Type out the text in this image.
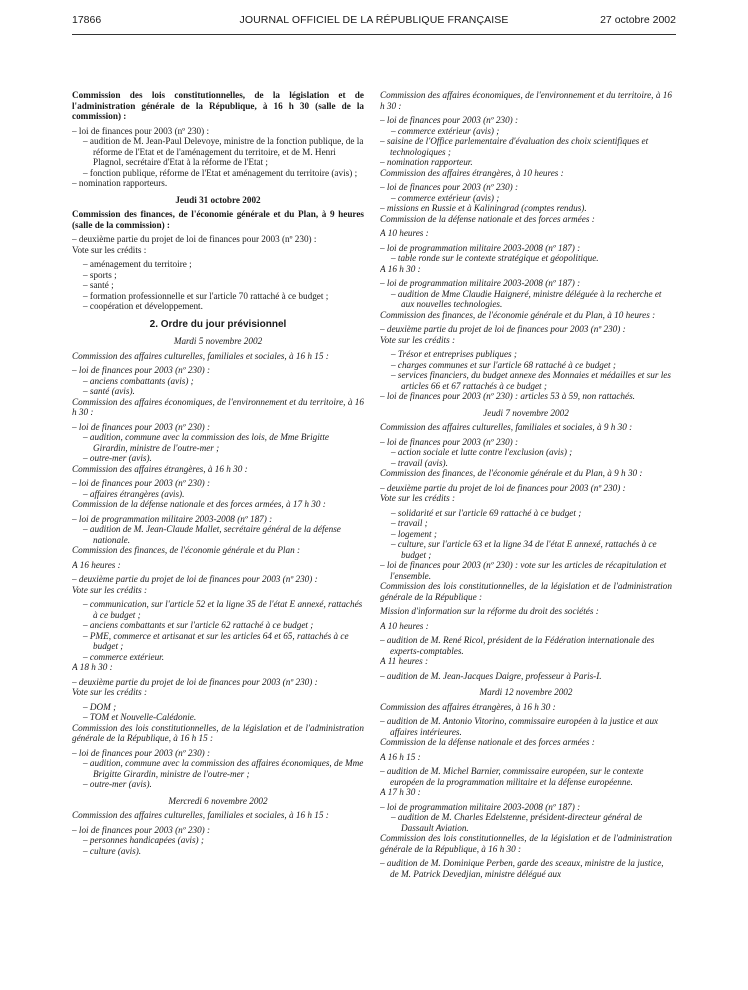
17866	JOURNAL OFFICIEL DE LA RÉPUBLIQUE FRANÇAISE	27 octobre 2002
Commission des lois constitutionnelles, de la législation et de l'administration générale de la République, à 16 h 30 (salle de la commission) :
– loi de finances pour 2003 (nº 230) :
– audition de M. Jean-Paul Delevoye, ministre de la fonction publique, de la réforme de l'Etat et de l'aménagement du territoire, et de M. Henri Plagnol, secrétaire d'Etat à la réforme de l'Etat ;
– fonction publique, réforme de l'Etat et aménagement du territoire (avis) ;
– nomination rapporteurs.
Jeudi 31 octobre 2002
Commission des finances, de l'économie générale et du Plan, à 9 heures (salle de la commission) :
– deuxième partie du projet de loi de finances pour 2003 (nº 230) :
Vote sur les crédits :
– aménagement du territoire ;
– sports ;
– santé ;
– formation professionnelle et sur l'article 70 rattaché à ce budget ;
– coopération et développement.
2. Ordre du jour prévisionnel
Mardi 5 novembre 2002
Commission des affaires culturelles, familiales et sociales, à 16 h 15 :
– loi de finances pour 2003 (nº 230) :
– anciens combattants (avis) ;
– santé (avis).
Commission des affaires économiques, de l'environnement et du territoire, à 16 h 30 :
– loi de finances pour 2003 (nº 230) :
– audition, commune avec la commission des lois, de Mme Brigitte Girardin, ministre de l'outre-mer ;
– outre-mer (avis).
Commission des affaires étrangères, à 16 h 30 :
– loi de finances pour 2003 (nº 230) :
– affaires étrangères (avis).
Commission de la défense nationale et des forces armées, à 17 h 30 :
– loi de programmation militaire 2003-2008 (nº 187) :
– audition de M. Jean-Claude Mallet, secrétaire général de la défense nationale.
Commission des finances, de l'économie générale et du Plan :
A 16 heures :
– deuxième partie du projet de loi de finances pour 2003 (nº 230) :
Vote sur les crédits :
– communication, sur l'article 52 et la ligne 35 de l'état E annexé, rattachés à ce budget ;
– anciens combattants et sur l'article 62 rattaché à ce budget ;
– PME, commerce et artisanat et sur les articles 64 et 65, rattachés à ce budget ;
– commerce extérieur.
A 18 h 30 :
– deuxième partie du projet de loi de finances pour 2003 (nº 230) :
Vote sur les crédits :
– DOM ;
– TOM et Nouvelle-Calédonie.
Commission des lois constitutionnelles, de la législation et de l'administration générale de la République, à 16 h 15 :
– loi de finances pour 2003 (nº 230) :
– audition, commune avec la commission des affaires économiques, de Mme Brigitte Girardin, ministre de l'outre-mer ;
– outre-mer (avis).
Mercredi 6 novembre 2002
Commission des affaires culturelles, familiales et sociales, à 16 h 15 :
– loi de finances pour 2003 (nº 230) :
– personnes handicapées (avis) ;
– culture (avis).
Commission des affaires économiques, de l'environnement et du territoire, à 16 h 30 :
– loi de finances pour 2003 (nº 230) :
– commerce extérieur (avis) ;
– saisine de l'Office parlementaire d'évaluation des choix scientifiques et technologiques ;
– nomination rapporteur.
Commission des affaires étrangères, à 10 heures :
– loi de finances pour 2003 (nº 230) :
– commerce extérieur (avis) ;
– missions en Russie et à Kaliningrad (comptes rendus).
Commission de la défense nationale et des forces armées :
A 10 heures :
– loi de programmation militaire 2003-2008 (nº 187) :
– table ronde sur le contexte stratégique et géopolitique.
A 16 h 30 :
– loi de programmation militaire 2003-2008 (nº 187) :
– audition de Mme Claudie Haigneré, ministre déléguée à la recherche et aux nouvelles technologies.
Commission des finances, de l'économie générale et du Plan, à 10 heures :
– deuxième partie du projet de loi de finances pour 2003 (nº 230) :
Vote sur les crédits :
– Trésor et entreprises publiques ;
– charges communes et sur l'article 68 rattaché à ce budget ;
– services financiers, du budget annexe des Monnaies et médailles et sur les articles 66 et 67 rattachés à ce budget ;
– loi de finances pour 2003 (nº 230) : articles 53 à 59, non rattachés.
Jeudi 7 novembre 2002
Commission des affaires culturelles, familiales et sociales, à 9 h 30 :
– loi de finances pour 2003 (nº 230) :
– action sociale et lutte contre l'exclusion (avis) ;
– travail (avis).
Commission des finances, de l'économie générale et du Plan, à 9 h 30 :
– deuxième partie du projet de loi de finances pour 2003 (nº 230) :
Vote sur les crédits :
– solidarité et sur l'article 69 rattaché à ce budget ;
– travail ;
– logement ;
– culture, sur l'article 63 et la ligne 34 de l'état E annexé, rattachés à ce budget ;
– loi de finances pour 2003 (nº 230) : vote sur les articles de récapitulation et l'ensemble.
Commission des lois constitutionnelles, de la législation et de l'administration générale de la République :
Mission d'information sur la réforme du droit des sociétés :
A 10 heures :
– audition de M. René Ricol, président de la Fédération internationale des experts-comptables.
A 11 heures :
– audition de M. Jean-Jacques Daigre, professeur à Paris-I.
Mardi 12 novembre 2002
Commission des affaires étrangères, à 16 h 30 :
– audition de M. Antonio Vitorino, commissaire européen à la justice et aux affaires intérieures.
Commission de la défense nationale et des forces armées :
A 16 h 15 :
– audition de M. Michel Barnier, commissaire européen, sur le contexte européen de la programmation militaire et la défense européenne.
A 17 h 30 :
– loi de programmation militaire 2003-2008 (nº 187) :
– audition de M. Charles Edelstenne, président-directeur général de Dassault Aviation.
Commission des lois constitutionnelles, de la législation et de l'administration générale de la République, à 16 h 30 :
– audition de M. Dominique Perben, garde des sceaux, ministre de la justice, de M. Patrick Devedjian, ministre délégué aux
